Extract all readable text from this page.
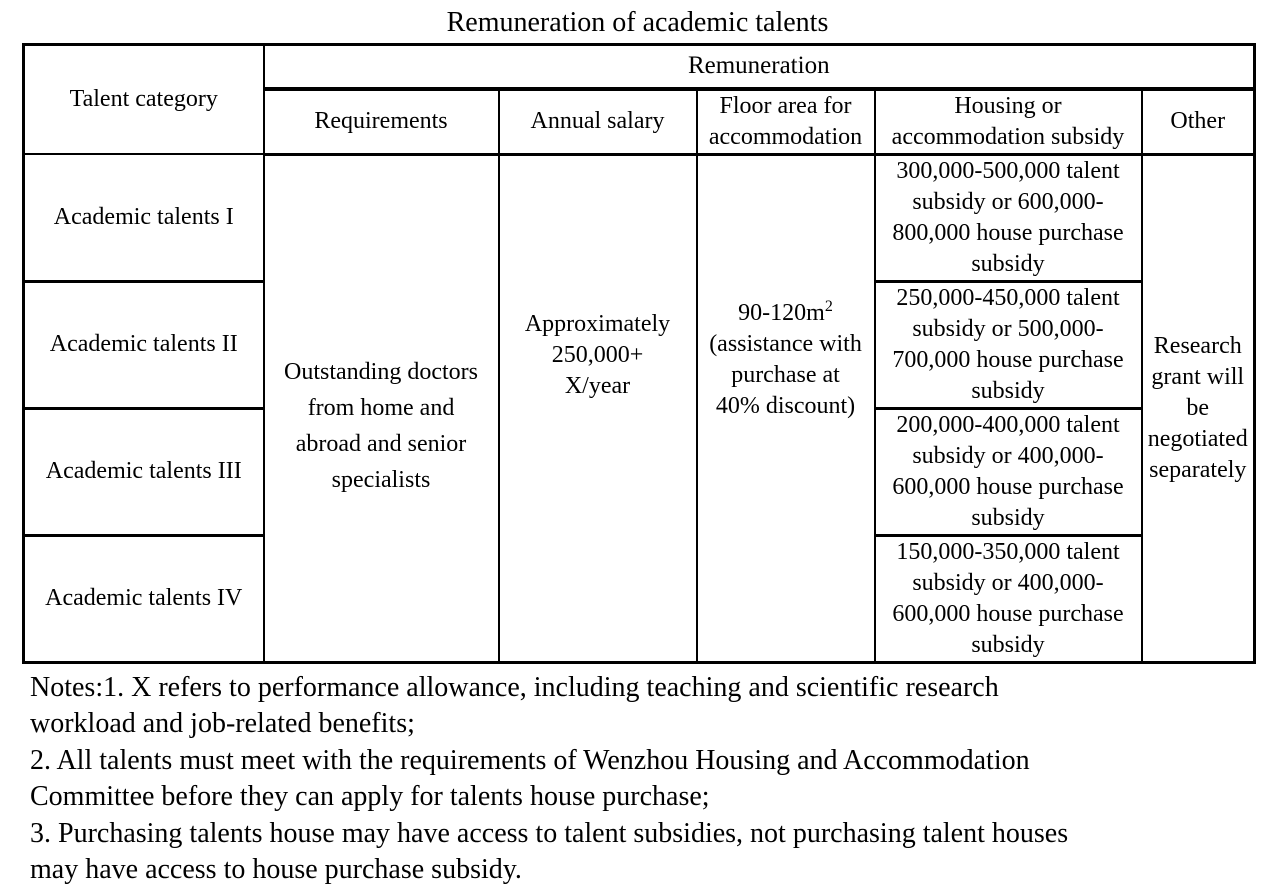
Remuneration of academic talents
Talent category	Remuneration				
	Requirements	Annual salary	Floor area for accommodation	Housing or accommodation subsidy	Other
Academic talents I	Outstanding doctors
from home and
abroad and senior
specialists	Approximately
250,000+
X/year	$90-120m^2$
(assistance with
purchase at
40% discount)	300,000-500,000 talent subsidy or 600,000-800,000 house purchase subsidy	Research grant will be negotiated separately
Academic talents II				250,000-450,000 talent subsidy or 500,000-700,000 house purchase subsidy	
Academic talents III				200,000-400,000 talent subsidy or 400,000-600,000 house purchase subsidy	
Academic talents IV				150,000-350,000 talent subsidy or 400,000-600,000 house purchase subsidy	
Notes:1. X refers to performance allowance, including teaching and scientific research
workload and job-related benefits;
2. All talents must meet with the requirements of Wenzhou Housing and Accommodation
Committee before they can apply for talents house purchase;
3. Purchasing talents house may have access to talent subsidies, not purchasing talent houses
may have access to house purchase subsidy.
